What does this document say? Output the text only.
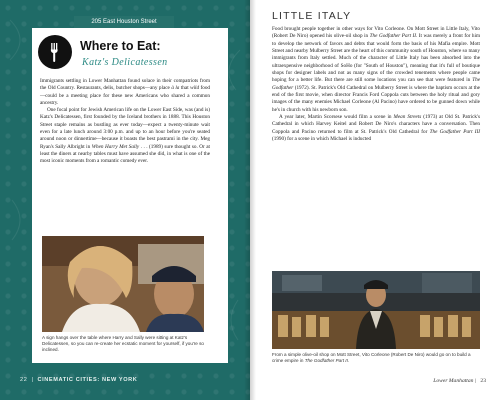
205 East Houston Street
Where to Eat:
Katz's Delicatessen

Immigrants settling in Lower Manhattan found solace in their compatriots from the Old Country. Restaurants, delis, butcher shops—any place à la that wild food—could be a meeting place for these new Americans who shared a common ancestry.

One focal point for Jewish American life on the Lower East Side, was (and is) Katz's Delicatessen, first founded by the Iceland brothers in 1888. This Houston Street staple remains as bustling as ever today—expect a twenty-minute wait even for a late lunch around 3:00 p.m. and up to an hour before you're seated around noon or dinnertime—because it boasts the best pastrami in the city. Meg Ryan's Sally Albright in When Harry Met Sally . . . (1989) sure thought so. Or at least the diners at nearby tables must have assumed she did, in what is one of the most iconic moments from a romantic comedy ever.

A sign hangs over the table where Harry and Sally were sitting at Katz's Delicatessen, so you can re-create her ecstatic moment for yourself, if you're so inclined.

22 | CINEMATIC CITIES: NEW YORK
LITTLE ITALY

Food brought people together in other ways for Vito Corleone. On Mott Street in Little Italy, Vito (Robert De Niro) opened his olive-oil shop in The Godfather Part II. It was merely a front for him to develop the network of favors and debts that would form the basis of his Mafia empire. Mott Street and nearby Mulberry Street are the heart of this community south of Houston, where so many immigrants from Italy settled. Much of the character of Little Italy has been absorbed into the ultraexpensive neighborhood of SoHo (for "South of Houston"), meaning that it's full of boutique shops for designer labels and not as many signs of the crowded tenements where people came hoping for a better life. But there are still some locations you can see that were featured in The Godfather (1972). St. Patrick's Old Cathedral on Mulberry Street is where the baptism occurs at the end of the first movie, when director Francis Ford Coppola cuts between the holy ritual and gory images of the many enemies Michael Corleone (Al Pacino) have ordered to be gunned down while he's in church with his newborn son.

A year later, Martin Scorsese would film a scene in Mean Streets (1973) at Old St. Patrick's Cathedral in which Harvey Keitel and Robert De Niro's characters have a conversation. Then Coppola and Pacino returned to film at St. Patrick's Old Cathedral for The Godfather Part III (1990) for a scene in which Michael is inducted

From a simple olive-oil shop on Mott Street, Vito Corleone (Robert De Niro) would go on to build a crime empire in The Godfather Part II.

Lower Manhattan | 23
